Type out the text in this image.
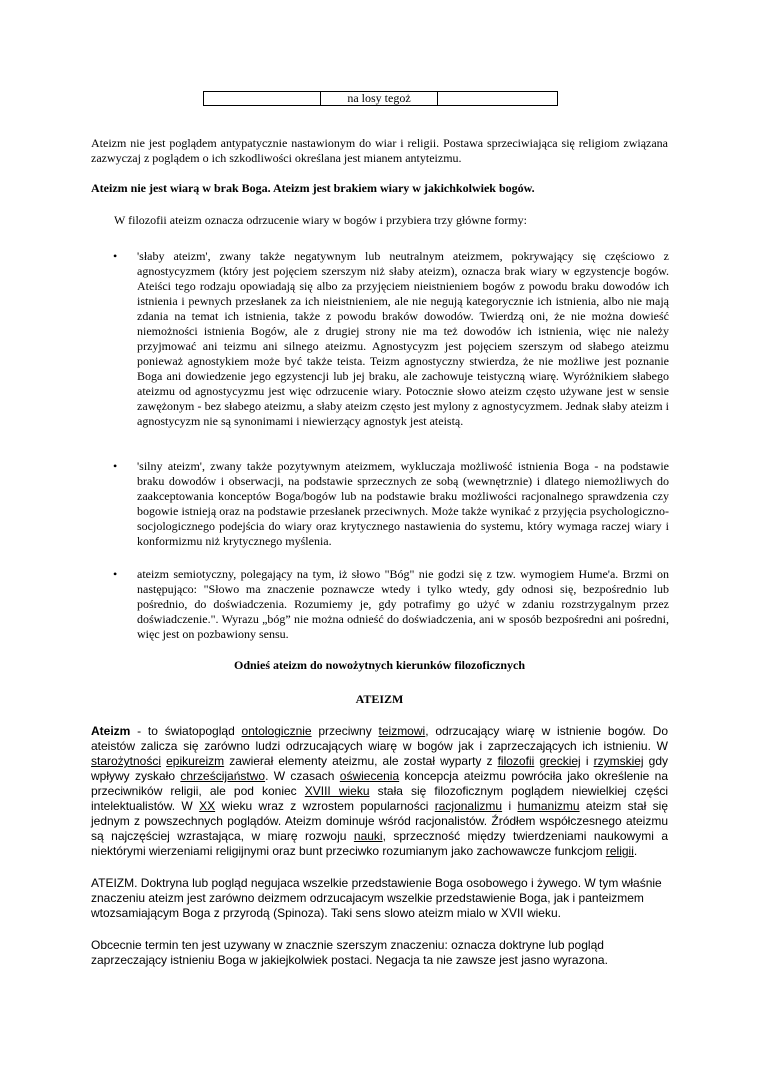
	na losy tegoż	

Ateizm nie jest poglądem antypatycznie nastawionym do wiar i religii. Postawa sprzeciwiająca się religiom związana zazwyczaj z poglądem o ich szkodliwości określana jest mianem antyteizmu.

Ateizm nie jest wiarą w brak Boga. Ateizm jest brakiem wiary w jakichkolwiek bogów.

W filozofii ateizm oznacza odrzucenie wiary w bogów i przybiera trzy główne formy:

• 'słaby ateizm', zwany także negatywnym lub neutralnym ateizmem, pokrywający się częściowo z agnostycyzmem (który jest pojęciem szerszym niż słaby ateizm), oznacza brak wiary w egzystencje bogów. Ateiści tego rodzaju opowiadają się albo za przyjęciem nieistnieniem bogów z powodu braku dowodów ich istnienia i pewnych przesłanek za ich nieistnieniem, ale nie negują kategorycznie ich istnienia, albo nie mają zdania na temat ich istnienia, także z powodu braków dowodów. Twierdzą oni, że nie można dowieść niemożności istnienia Bogów, ale z drugiej strony nie ma też dowodów ich istnienia, więc nie należy przyjmować ani teizmu ani silnego ateizmu. Agnostycyzm jest pojęciem szerszym od słabego ateizmu ponieważ agnostykiem może być także teista. Teizm agnostyczny stwierdza, że nie możliwe jest poznanie Boga ani dowiedzenie jego egzystencji lub jej braku, ale zachowuje teistyczną wiarę. Wyróżnikiem słabego ateizmu od agnostycyzmu jest więc odrzucenie wiary. Potocznie słowo ateizm często używane jest w sensie zawężonym - bez słabego ateizmu, a słaby ateizm często jest mylony z agnostycyzmem. Jednak słaby ateizm i agnostycyzm nie są synonimami i niewierzący agnostyk jest ateistą.
• 'silny ateizm', zwany także pozytywnym ateizmem, wykluczaja możliwość istnienia Boga - na podstawie braku dowodów i obserwacji, na podstawie sprzecznych ze sobą (wewnętrznie) i dlatego niemożliwych do zaakceptowania konceptów Boga/bogów lub na podstawie braku możliwości racjonalnego sprawdzenia czy bogowie istnieją oraz na podstawie przesłanek przeciwnych. Może także wynikać z przyjęcia psychologiczno-socjologicznego podejścia do wiary oraz krytycznego nastawienia do systemu, który wymaga raczej wiary i konformizmu niż krytycznego myślenia.
• ateizm semiotyczny, polegający na tym, iż słowo "Bóg" nie godzi się z tzw. wymogiem Hume'a. Brzmi on następująco: "Słowo ma znaczenie poznawcze wtedy i tylko wtedy, gdy odnosi się, bezpośrednio lub pośrednio, do doświadczenia. Rozumiemy je, gdy potrafimy go użyć w zdaniu rozstrzygalnym przez doświadczenie.". Wyrazu „bóg” nie można odnieść do doświadczenia, ani w sposób bezpośredni ani pośredni, więc jest on pozbawiony sensu.

Odnieś ateizm do nowożytnych kierunków filozoficznych

ATEIZM

Ateizm - to światopogląd ontologicznie przeciwny teizmowi, odrzucający wiarę w istnienie bogów. Do ateistów zalicza się zarówno ludzi odrzucających wiarę w bogów jak i zaprzeczających ich istnieniu. W starożytności epikureizm zawierał elementy ateizmu, ale został wyparty z filozofii greckiej i rzymskiej gdy wpływy zyskało chrześcijaństwo. W czasach oświecenia koncepcja ateizmu powróciła jako określenie na przeciwników religii, ale pod koniec XVIII wieku stała się filozoficznym poglądem niewielkiej części intelektualistów. W XX wieku wraz z wzrostem popularności racjonalizmu i humanizmu ateizm stał się jednym z powszechnych poglądów. Ateizm dominuje wśród racjonalistów. Źródłem współczesnego ateizmu są najczęściej wzrastająca, w miarę rozwoju nauki, sprzeczność między twierdzeniami naukowymi a niektórymi wierzeniami religijnymi oraz bunt przeciwko rozumianym jako zachowawcze funkcjom religii.

ATEIZM. Doktryna lub pogląd negujaca wszelkie przedstawienie Boga osobowego i żywego. W tym właśnie znaczeniu ateizm jest zarówno deizmem odrzucajacym wszelkie przedstawienie Boga, jak i panteizmem wtozsamiającym Boga z przyrodą (Spinoza). Taki sens slowo ateizm mialo w XVII wieku.

Obcecnie termin ten jest uzywany w znacznie szerszym znaczeniu: oznacza doktryne lub pogląd zaprzeczający istnieniu Boga w jakiejkolwiek postaci. Negacja ta nie zawsze jest jasno wyrazona.
